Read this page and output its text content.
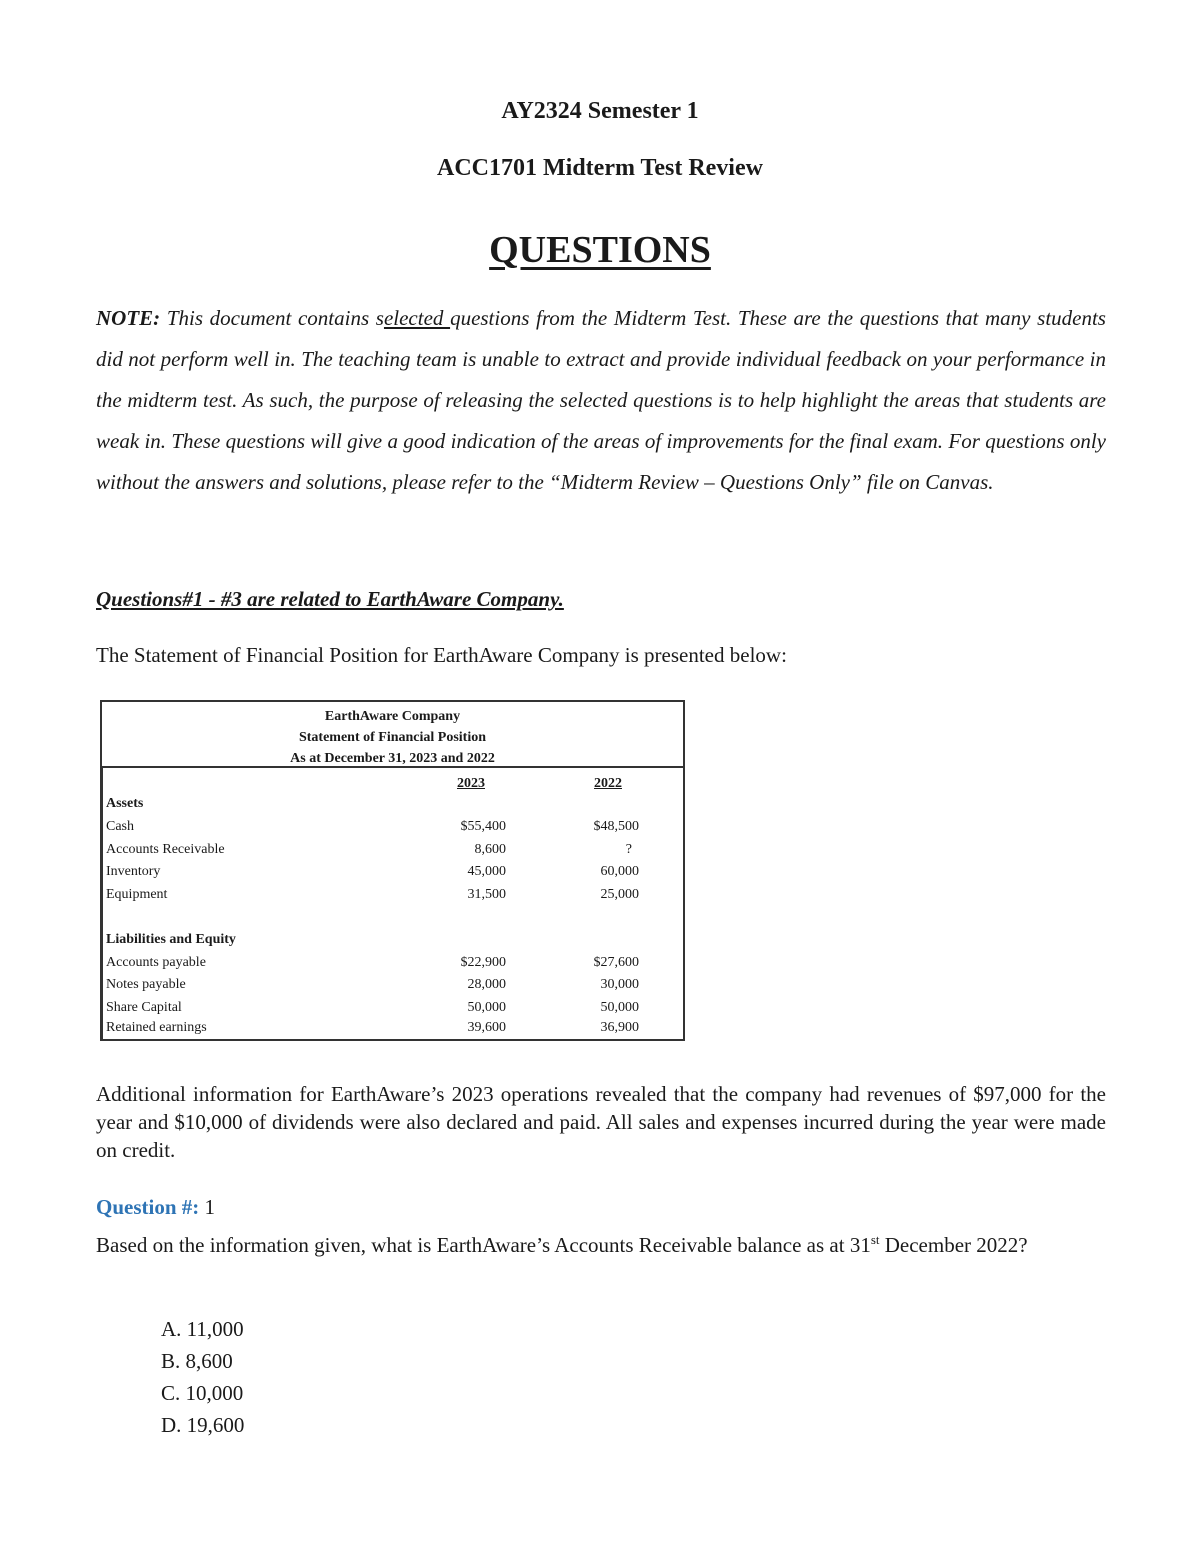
AY2324 Semester 1
ACC1701 Midterm Test Review
QUESTIONS
NOTE: This document contains selected questions from the Midterm Test. These are the questions that many students did not perform well in. The teaching team is unable to extract and provide individual feedback on your performance in the midterm test. As such, the purpose of releasing the selected questions is to help highlight the areas that students are weak in. These questions will give a good indication of the areas of improvements for the final exam. For questions only without the answers and solutions, please refer to the “Midterm Review – Questions Only” file on Canvas.
Questions#1 - #3 are related to EarthAware Company.
The Statement of Financial Position for EarthAware Company is presented below:
EarthAware Company
Statement of Financial Position
As at December 31, 2023 and 2022
2023	2022
Assets
Cash	$55,400	$48,500
Accounts Receivable	8,600	?
Inventory	45,000	60,000
Equipment	31,500	25,000
Liabilities and Equity
Accounts payable	$22,900	$27,600
Notes payable	28,000	30,000
Share Capital	50,000	50,000
Retained earnings	39,600	36,900
Additional information for EarthAware’s 2023 operations revealed that the company had revenues of $97,000 for the year and $10,000 of dividends were also declared and paid. All sales and expenses incurred during the year were made on credit.
Question #: 1
Based on the information given, what is EarthAware’s Accounts Receivable balance as at 31st December 2022?
A. 11,000
B. 8,600
C. 10,000
D. 19,600
